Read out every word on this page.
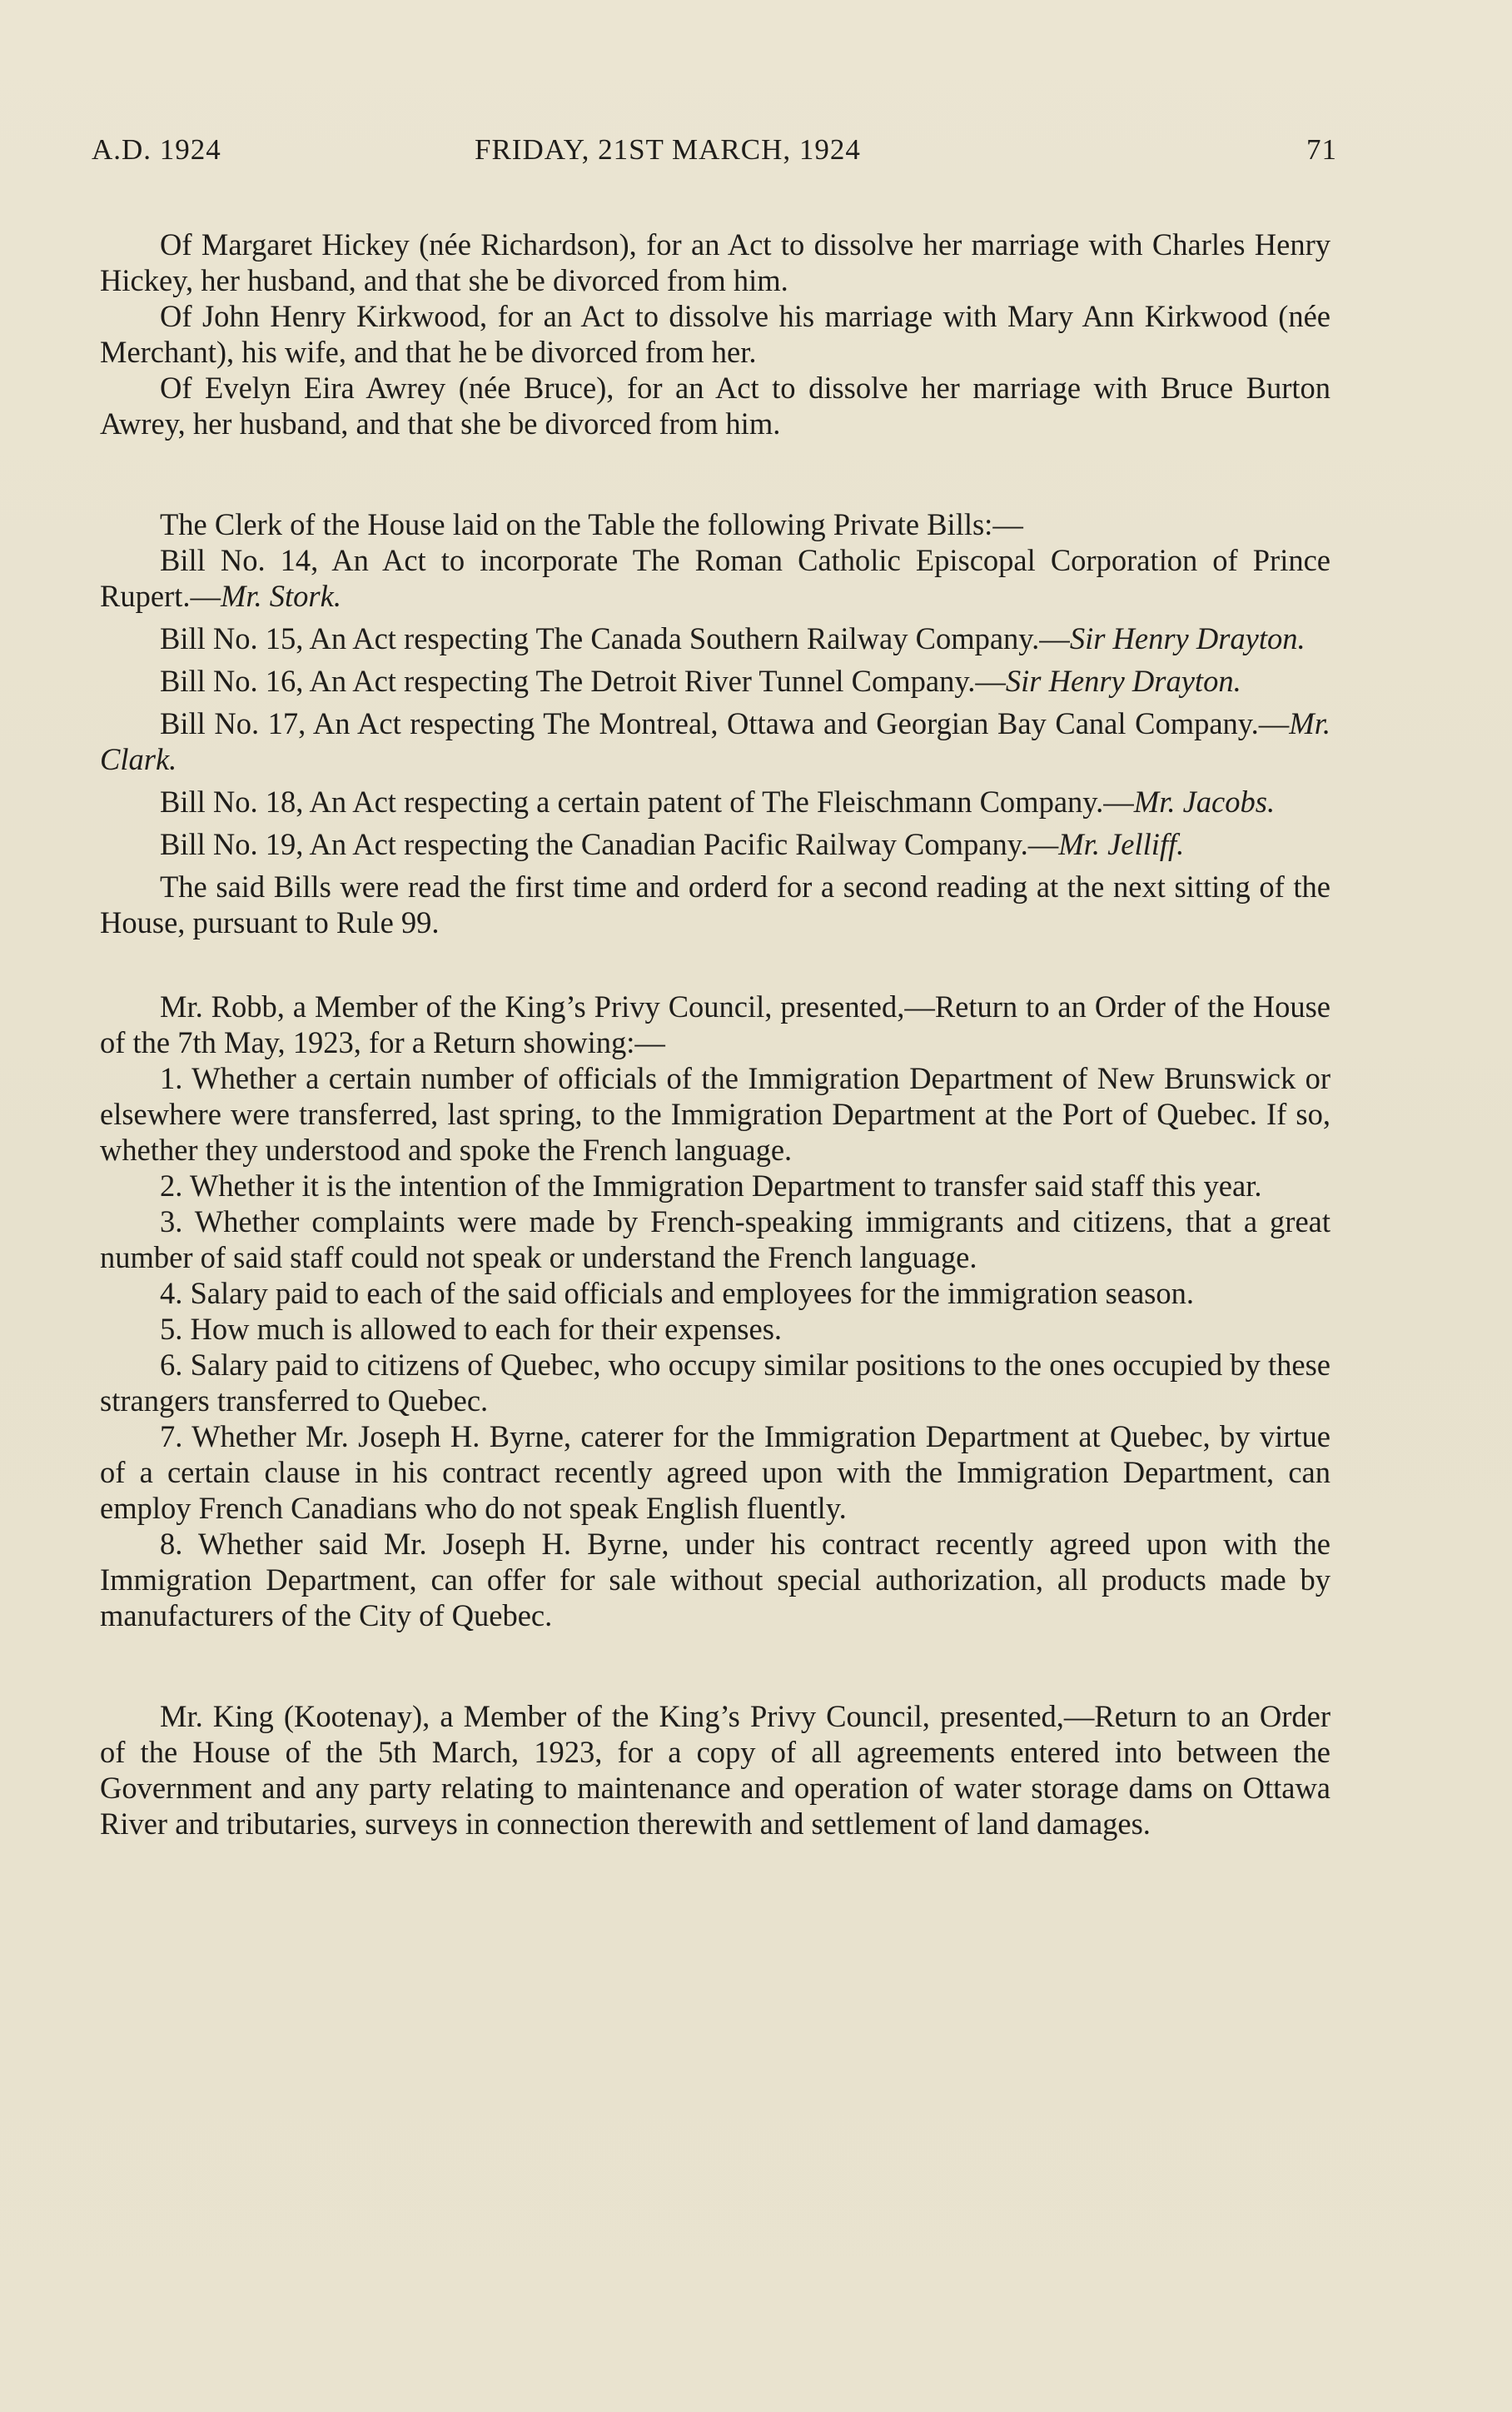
A.D. 1924	FRIDAY, 21ST MARCH, 1924	71

Of Margaret Hickey (née Richardson), for an Act to dissolve her marriage with Charles Henry Hickey, her husband, and that she be divorced from him.

Of John Henry Kirkwood, for an Act to dissolve his marriage with Mary Ann Kirkwood (née Merchant), his wife, and that he be divorced from her.

Of Evelyn Eira Awrey (née Bruce), for an Act to dissolve her marriage with Bruce Burton Awrey, her husband, and that she be divorced from him.

The Clerk of the House laid on the Table the following Private Bills:—

Bill No. 14, An Act to incorporate The Roman Catholic Episcopal Corporation of Prince Rupert.—Mr. Stork.

Bill No. 15, An Act respecting The Canada Southern Railway Company.—Sir Henry Drayton.

Bill No. 16, An Act respecting The Detroit River Tunnel Company.—Sir Henry Drayton.

Bill No. 17, An Act respecting The Montreal, Ottawa and Georgian Bay Canal Company.—Mr. Clark.

Bill No. 18, An Act respecting a certain patent of The Fleischmann Company.—Mr. Jacobs.

Bill No. 19, An Act respecting the Canadian Pacific Railway Company.—Mr. Jelliff.

The said Bills were read the first time and orderd for a second reading at the next sitting of the House, pursuant to Rule 99.

Mr. Robb, a Member of the King’s Privy Council, presented,—Return to an Order of the House of the 7th May, 1923, for a Return showing:—

1. Whether a certain number of officials of the Immigration Department of New Brunswick or elsewhere were transferred, last spring, to the Immigration Department at the Port of Quebec. If so, whether they understood and spoke the French language.

2. Whether it is the intention of the Immigration Department to transfer said staff this year.

3. Whether complaints were made by French-speaking immigrants and citizens, that a great number of said staff could not speak or understand the French language.

4. Salary paid to each of the said officials and employees for the immigration season.

5. How much is allowed to each for their expenses.

6. Salary paid to citizens of Quebec, who occupy similar positions to the ones occupied by these strangers transferred to Quebec.

7. Whether Mr. Joseph H. Byrne, caterer for the Immigration Department at Quebec, by virtue of a certain clause in his contract recently agreed upon with the Immigration Department, can employ French Canadians who do not speak English fluently.

8. Whether said Mr. Joseph H. Byrne, under his contract recently agreed upon with the Immigration Department, can offer for sale without special authorization, all products made by manufacturers of the City of Quebec.

Mr. King (Kootenay), a Member of the King’s Privy Council, presented,—Return to an Order of the House of the 5th March, 1923, for a copy of all agreements entered into between the Government and any party relating to maintenance and operation of water storage dams on Ottawa River and tributaries, surveys in connection therewith and settlement of land damages.
